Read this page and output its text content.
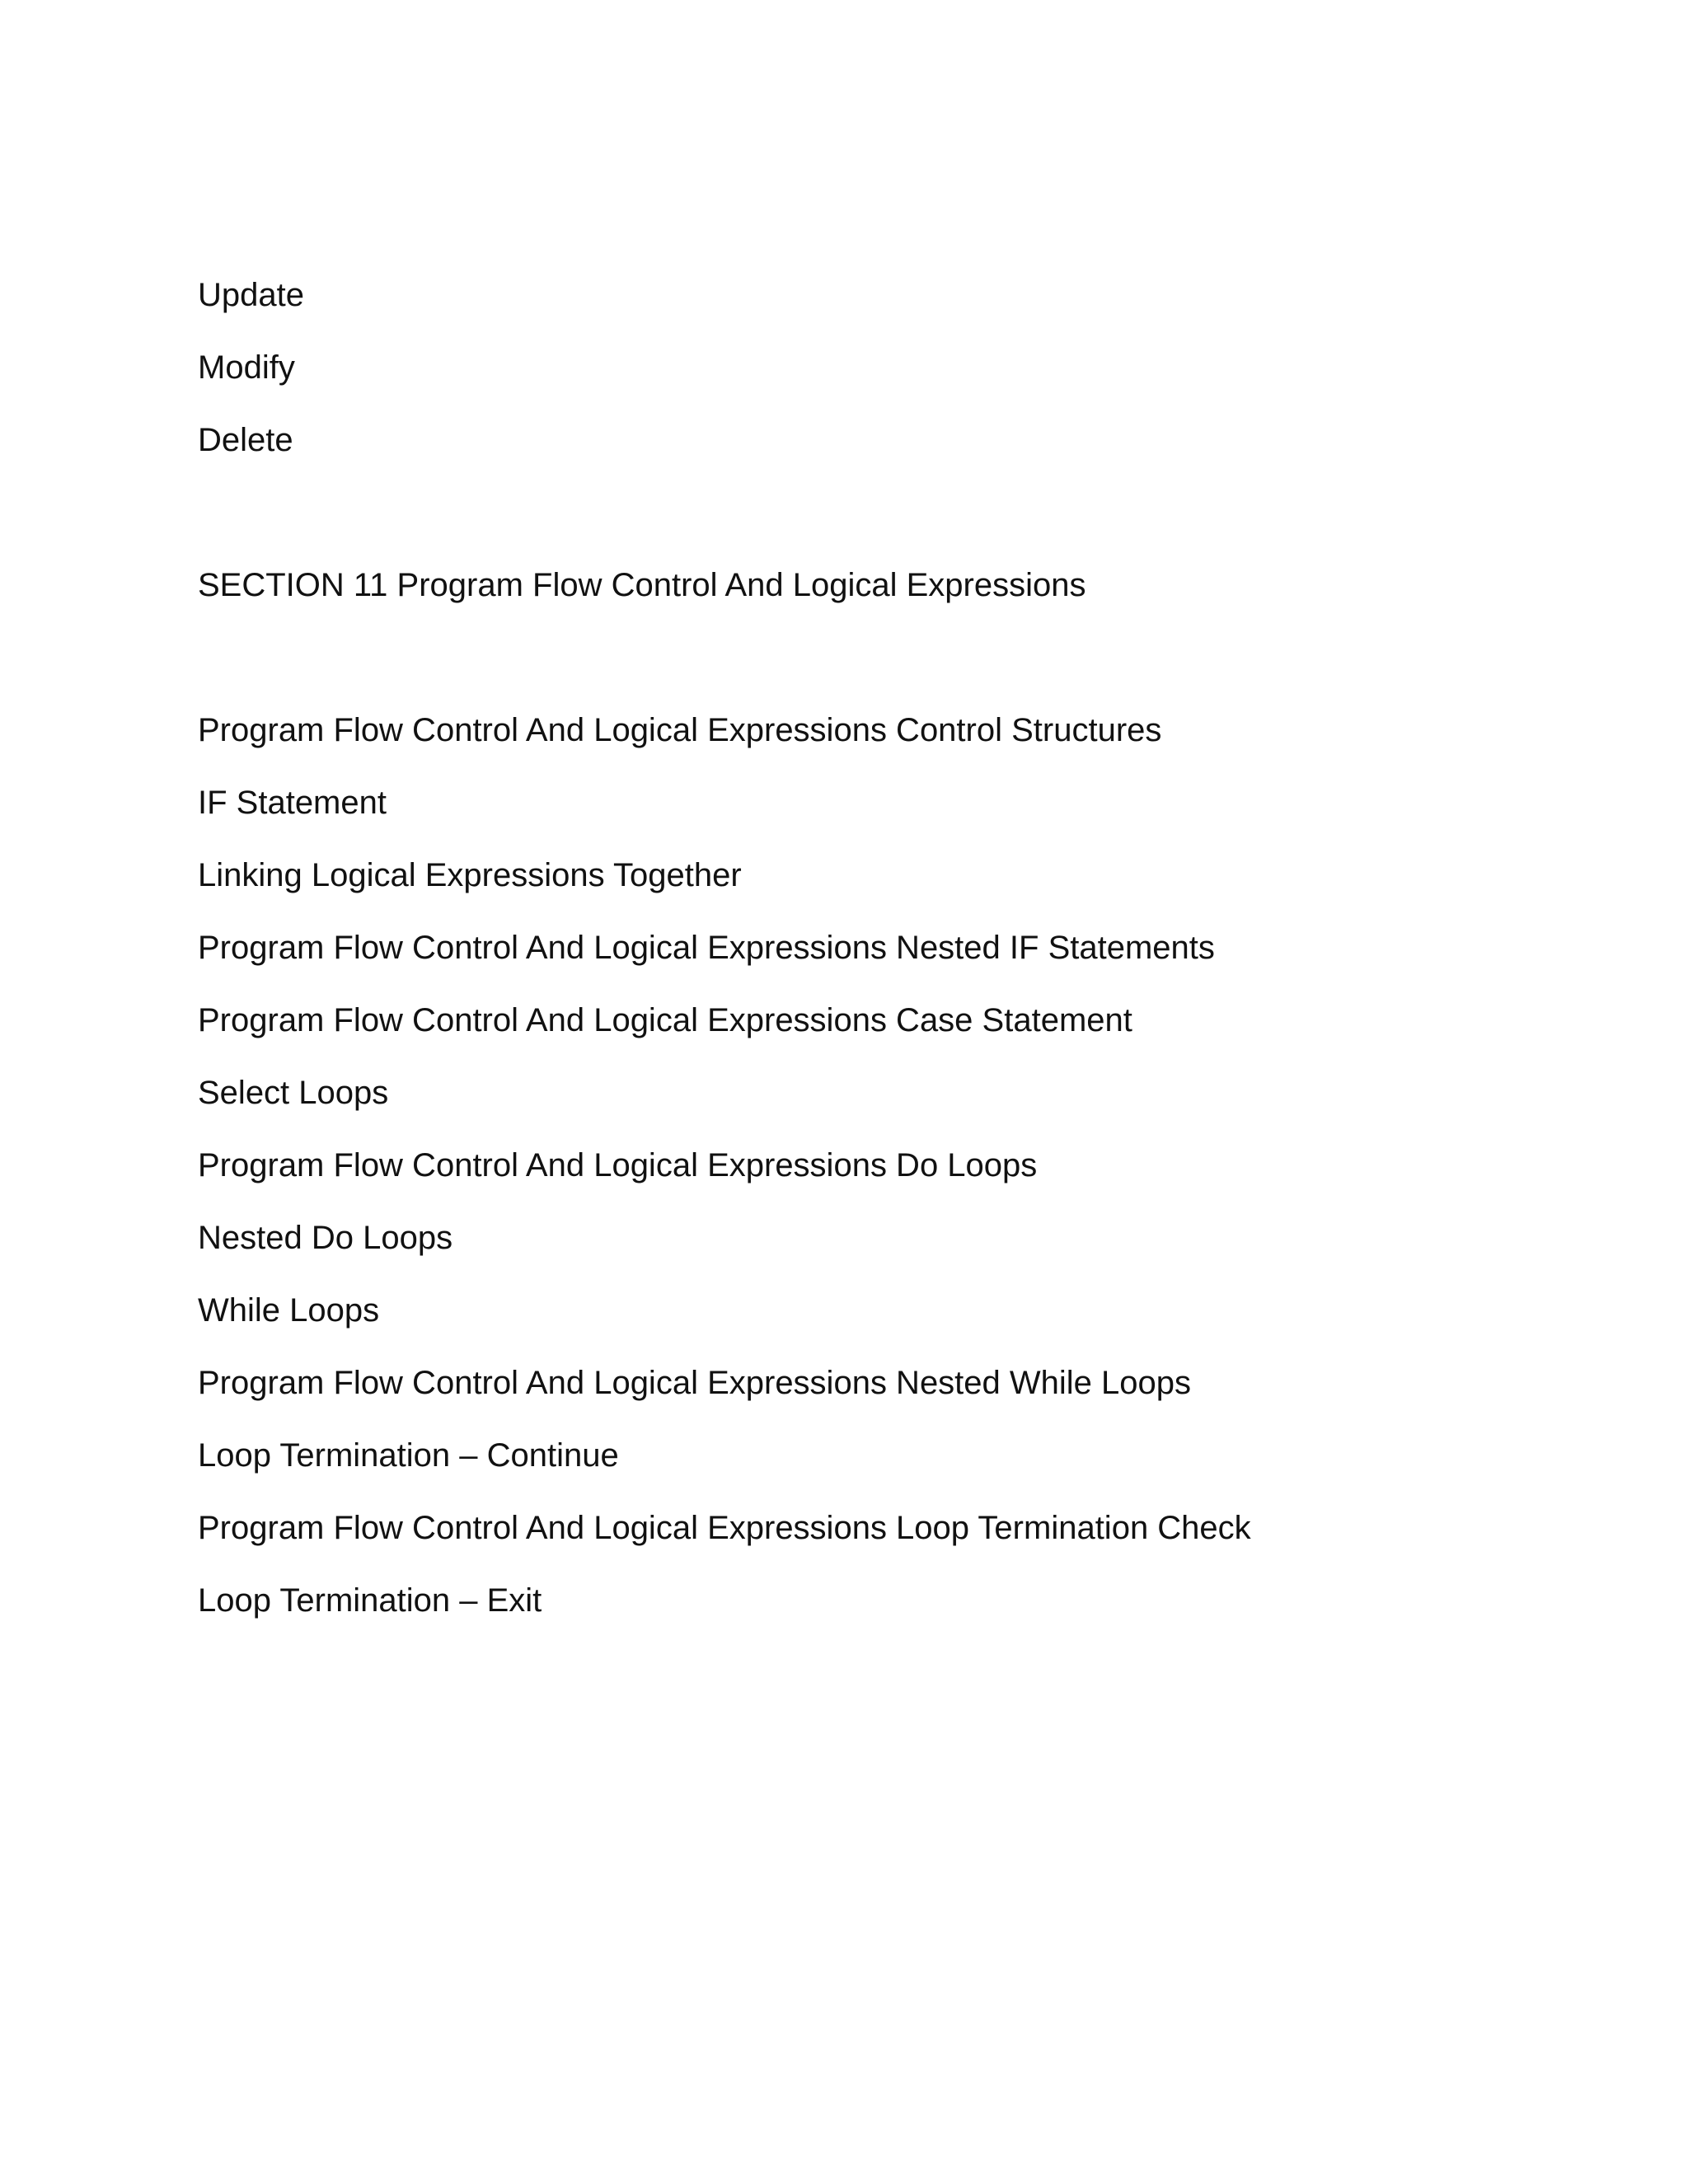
Update
Modify
Delete
SECTION 11 Program Flow Control And Logical Expressions
Program Flow Control And Logical Expressions Control Structures
IF Statement
Linking Logical Expressions Together
Program Flow Control And Logical Expressions Nested IF Statements
Program Flow Control And Logical Expressions Case Statement
Select Loops
Program Flow Control And Logical Expressions Do Loops
Nested Do Loops
While Loops
Program Flow Control And Logical Expressions Nested While Loops
Loop Termination – Continue
Program Flow Control And Logical Expressions Loop Termination Check
Loop Termination – Exit
